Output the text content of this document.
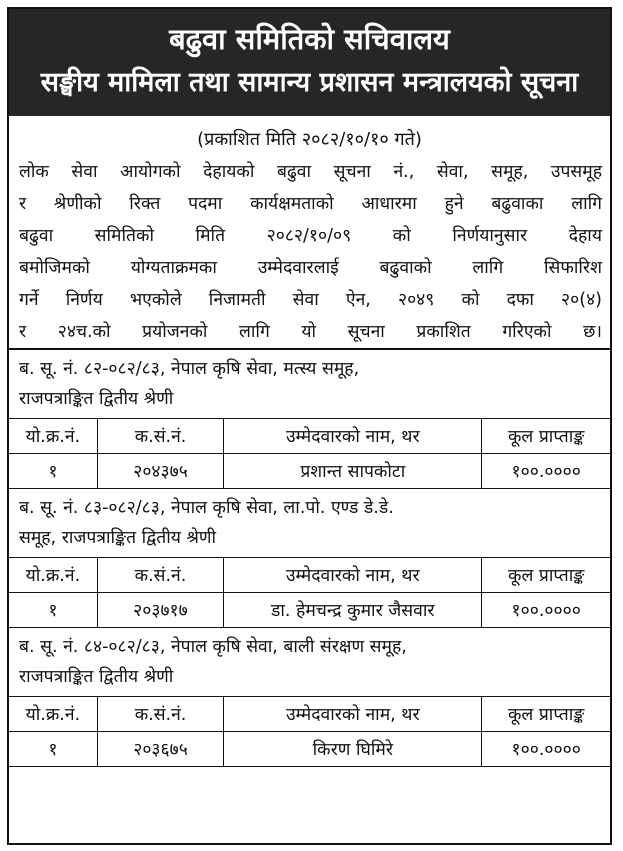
बढुवा समितिको सचिवालय
सङ्घीय मामिला तथा सामान्य प्रशासन मन्त्रालयको सूचना
(प्रकाशित मिति २०८२/१०/१० गते)
लोक सेवा आयोगको देहायको बढुवा सूचना नं., सेवा, समूह, उपसमूह
र श्रेणीको रिक्त पदमा कार्यक्षमताको आधारमा हुने बढुवाका लागि
बढुवा समितिको मिति २०८२/१०/०९ को निर्णयानुसार देहाय
बमोजिमको योग्यताक्रमका उम्मेदवारलाई बढुवाको लागि सिफारिश
गर्ने निर्णय भएकोले निजामती सेवा ऐन, २०४९ को दफा २०(४)
र २४च.को प्रयोजनको लागि यो सूचना प्रकाशित गरिएको छ।
ब. सू. नं. ८२-०८२/८३, नेपाल कृषि सेवा, मत्स्य समूह,
राजपत्राङ्कित द्वितीय श्रेणी
यो.क्र.नं.	क.सं.नं.	उम्मेदवारको नाम, थर	कूल प्राप्ताङ्क
१	२०४३७५	प्रशान्त सापकोटा	१००.००००
ब. सू. नं. ८३-०८२/८३, नेपाल कृषि सेवा, ला.पो. एण्ड डे.डे.
समूह, राजपत्राङ्कित द्वितीय श्रेणी
यो.क्र.नं.	क.सं.नं.	उम्मेदवारको नाम, थर	कूल प्राप्ताङ्क
१	२०३७१७	डा. हेमचन्द्र कुमार जैसवार	१००.००००
ब. सू. नं. ८४-०८२/८३, नेपाल कृषि सेवा, बाली संरक्षण समूह,
राजपत्राङ्कित द्वितीय श्रेणी
यो.क्र.नं.	क.सं.नं.	उम्मेदवारको नाम, थर	कूल प्राप्ताङ्क
१	२०३६७५	किरण घिमिरे	१००.००००
